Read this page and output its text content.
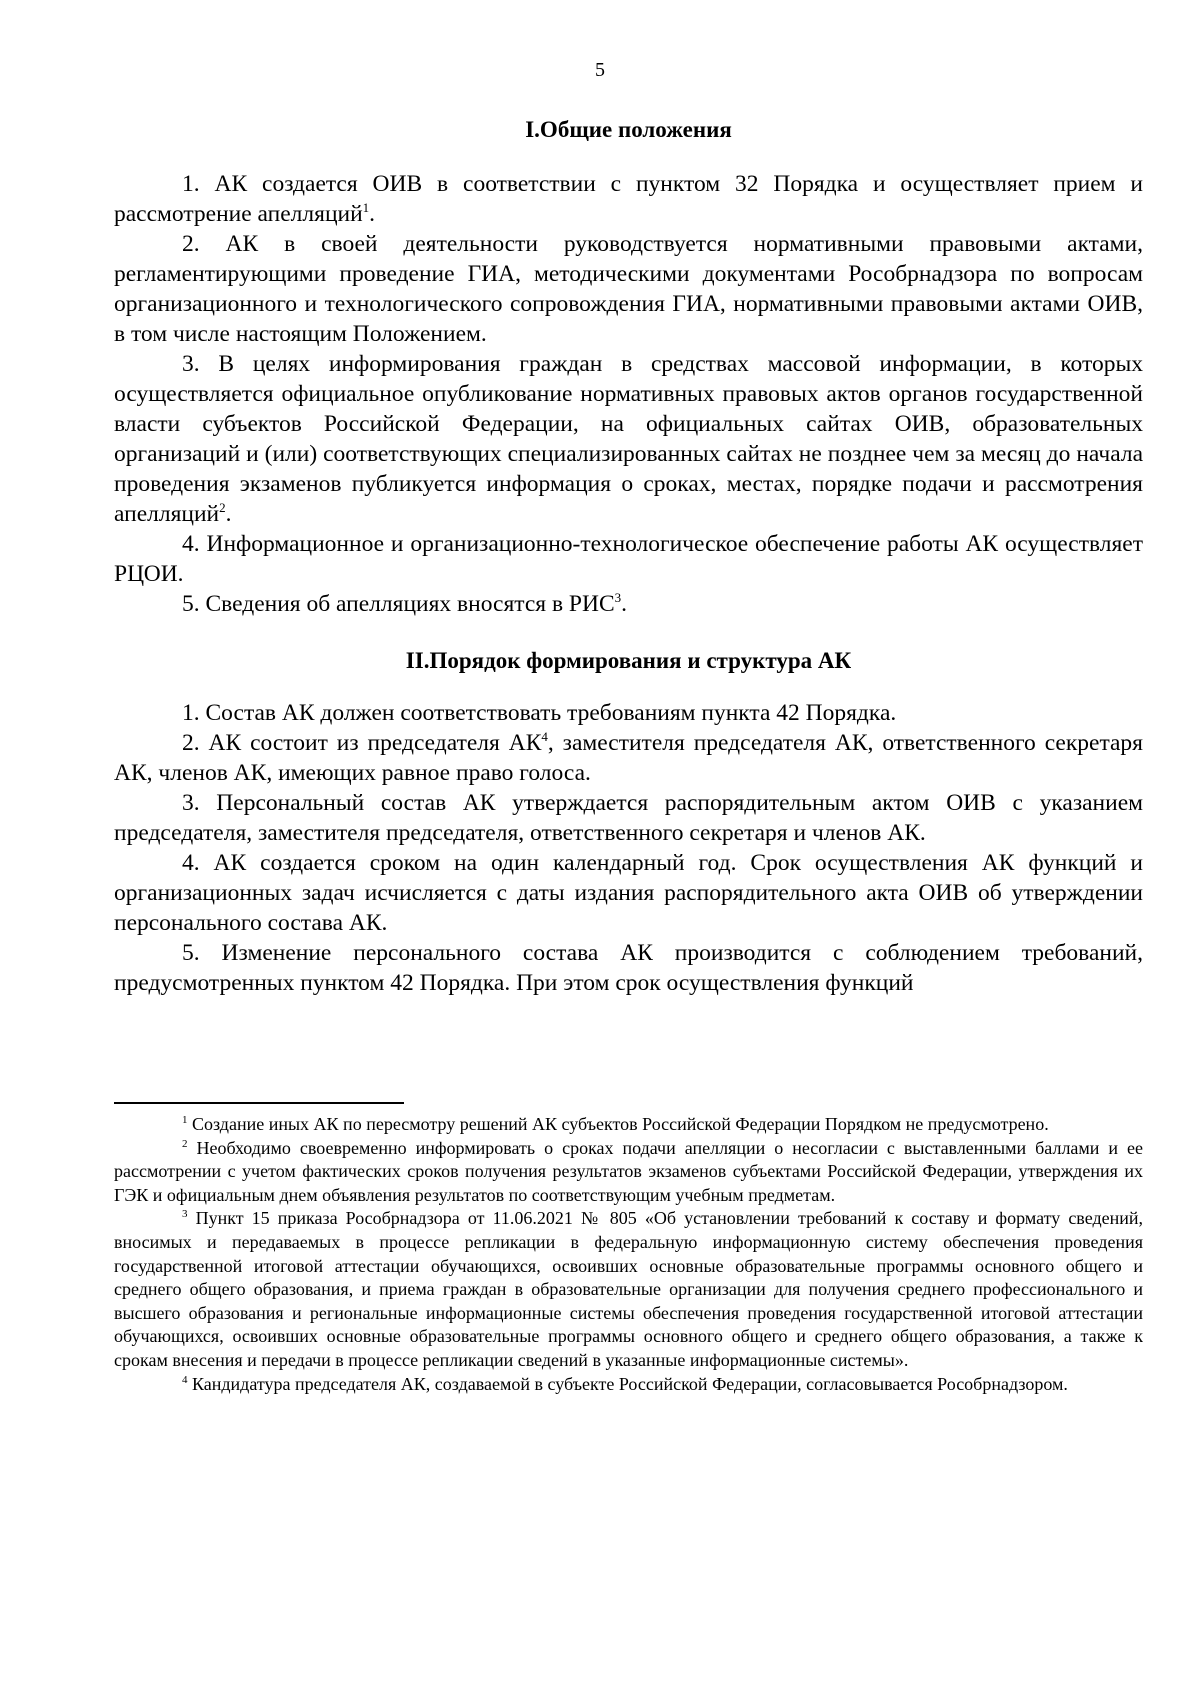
5
I.Общие положения

1. АК создается ОИВ в соответствии с пунктом 32 Порядка и осуществляет прием и рассмотрение апелляций$^1$.

2. АК в своей деятельности руководствуется нормативными правовыми актами, регламентирующими проведение ГИА, методическими документами Рособрнадзора по вопросам организационного и технологического сопровождения ГИА, нормативными правовыми актами ОИВ, в том числе настоящим Положением.

3. В целях информирования граждан в средствах массовой информации, в которых осуществляется официальное опубликование нормативных правовых актов органов государственной власти субъектов Российской Федерации, на официальных сайтах ОИВ, образовательных организаций и (или) соответствующих специализированных сайтах не позднее чем за месяц до начала проведения экзаменов публикуется информация о сроках, местах, порядке подачи и рассмотрения апелляций$^2$.

4. Информационное и организационно-технологическое обеспечение работы АК осуществляет РЦОИ.

5. Сведения об апелляциях вносятся в РИС$^3$.

II.Порядок формирования и структура АК

1. Состав АК должен соответствовать требованиям пункта 42 Порядка.

2. АК состоит из председателя $АК^4$, заместителя председателя АК, ответственного секретаря АК, членов АК, имеющих равное право голоса.

3. Персональный состав АК утверждается распорядительным актом ОИВ с указанием председателя, заместителя председателя, ответственного секретаря и членов АК.

4. АК создается сроком на один календарный год. Срок осуществления АК функций и организационных задач исчисляется с даты издания распорядительного акта ОИВ об утверждении персонального состава АК.

5. Изменение персонального состава АК производится с соблюдением требований, предусмотренных пунктом 42 Порядка. При этом срок осуществления функций

$^1$ Создание иных АК по пересмотру решений АК субъектов Российской Федерации Порядком не предусмотрено.

$^2$ Необходимо своевременно информировать о сроках подачи апелляции о несогласии с выставленными баллами и ее рассмотрении с учетом фактических сроков получения результатов экзаменов субъектами Российской Федерации, утверждения их ГЭК и официальным днем объявления результатов по соответствующим учебным предметам.

$^3$ Пункт 15 приказа Рособрнадзора от 11.06.2021 № 805 «Об установлении требований к составу и формату сведений, вносимых и передаваемых в процессе репликации в федеральную информационную систему обеспечения проведения государственной итоговой аттестации обучающихся, освоивших основные образовательные программы основного общего и среднего общего образования, и приема граждан в образовательные организации для получения среднего профессионального и высшего образования и региональные информационные системы обеспечения проведения государственной итоговой аттестации обучающихся, освоивших основные образовательные программы основного общего и среднего общего образования, а также к срокам внесения и передачи в процессе репликации сведений в указанные информационные системы».

$^4$ Кандидатура председателя АК, создаваемой в субъекте Российской Федерации, согласовывается Рособрнадзором.
